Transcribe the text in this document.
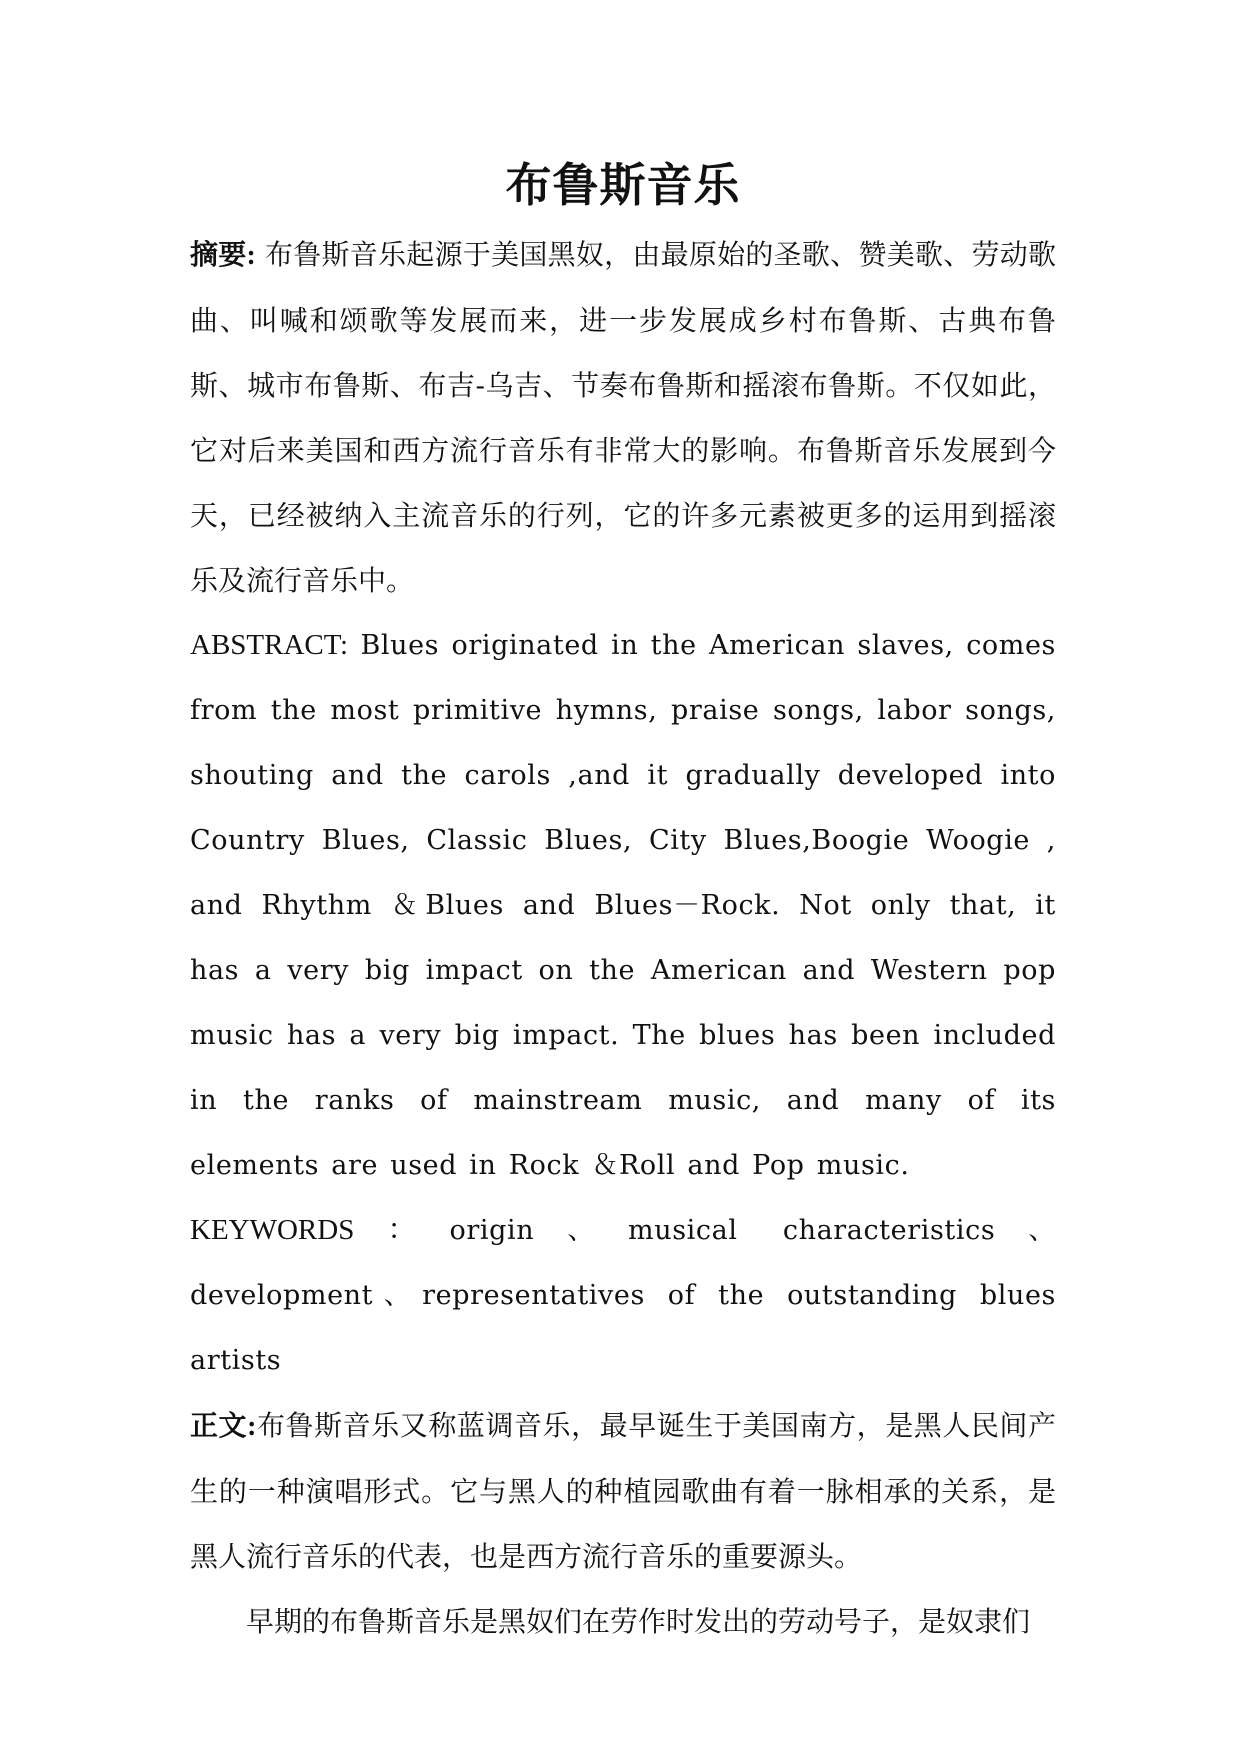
布鲁斯音乐

摘要: 布鲁斯音乐起源于美国黑奴，由最原始的圣歌、赞美歌、劳动歌曲、叫喊和颂歌等发展而来，进一步发展成乡村布鲁斯、古典布鲁斯、城市布鲁斯、布吉-乌吉、节奏布鲁斯和摇滚布鲁斯。不仅如此，它对后来美国和西方流行音乐有非常大的影响。布鲁斯音乐发展到今天，已经被纳入主流音乐的行列，它的许多元素被更多的运用到摇滚乐及流行音乐中。

ABSTRACT: Blues originated in the American slaves, comes from the most primitive hymns, praise songs, labor songs, shouting and the carols ,and it gradually developed into Country Blues, Classic Blues, City Blues,Boogie Woogie , and Rhythm ＆Blues and Blues－Rock. Not only that, it has a very big impact on the American and Western pop music has a very big impact. The blues has been included in the ranks of mainstream music, and many of its elements are used in Rock ＆Roll and Pop music.

KEYWORDS：origin、musical characteristics、development、representatives of the outstanding blues artists

正文:布鲁斯音乐又称蓝调音乐，最早诞生于美国南方，是黑人民间产生的一种演唱形式。它与黑人的种植园歌曲有着一脉相承的关系，是黑人流行音乐的代表，也是西方流行音乐的重要源头。

早期的布鲁斯音乐是黑奴们在劳作时发出的劳动号子，是奴隶们
